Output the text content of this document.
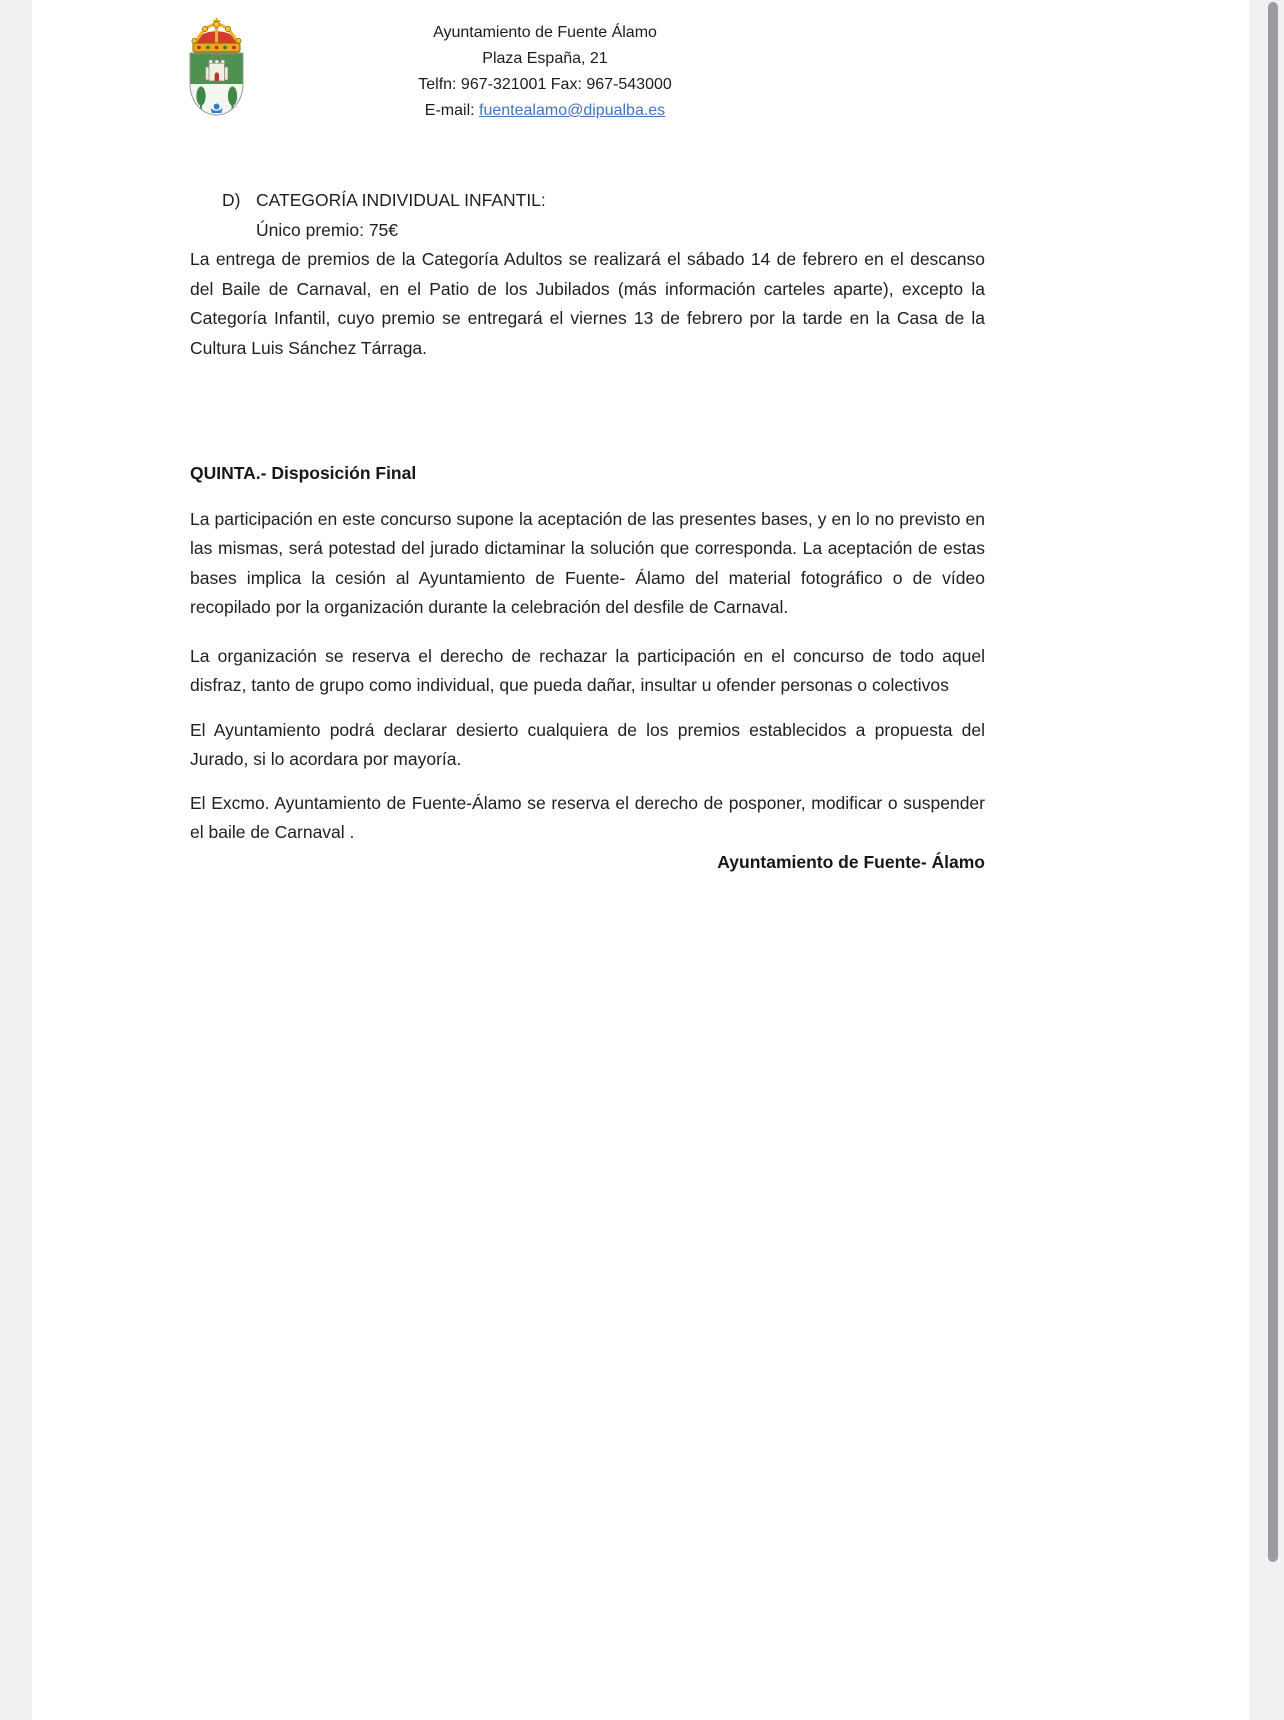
Ayuntamiento de Fuente Álamo
Plaza España, 21
Telfn: 967-321001 Fax: 967-543000
E-mail: fuentealamo@dipualba.es
D) CATEGORÍA INDIVIDUAL INFANTIL:
Único premio: 75€

La entrega de premios de la Categoría Adultos se realizará el sábado 14 de febrero en el descanso del Baile de Carnaval, en el Patio de los Jubilados (más información carteles aparte), excepto la Categoría Infantil, cuyo premio se entregará el viernes 13 de febrero por la tarde en la Casa de la Cultura Luis Sánchez Tárraga.

QUINTA.- Disposición Final

La participación en este concurso supone la aceptación de las presentes bases, y en lo no previsto en las mismas, será potestad del jurado dictaminar la solución que corresponda. La aceptación de estas bases implica la cesión al Ayuntamiento de Fuente- Álamo del material fotográfico o de vídeo recopilado por la organización durante la celebración del desfile de Carnaval.

La organización se reserva el derecho de rechazar la participación en el concurso de todo aquel disfraz, tanto de grupo como individual, que pueda dañar, insultar u ofender personas o colectivos

El Ayuntamiento podrá declarar desierto cualquiera de los premios establecidos a propuesta del Jurado, si lo acordara por mayoría.

El Excmo. Ayuntamiento de Fuente-Álamo se reserva el derecho de posponer, modificar o suspender el baile de Carnaval .

Ayuntamiento de Fuente- Álamo
